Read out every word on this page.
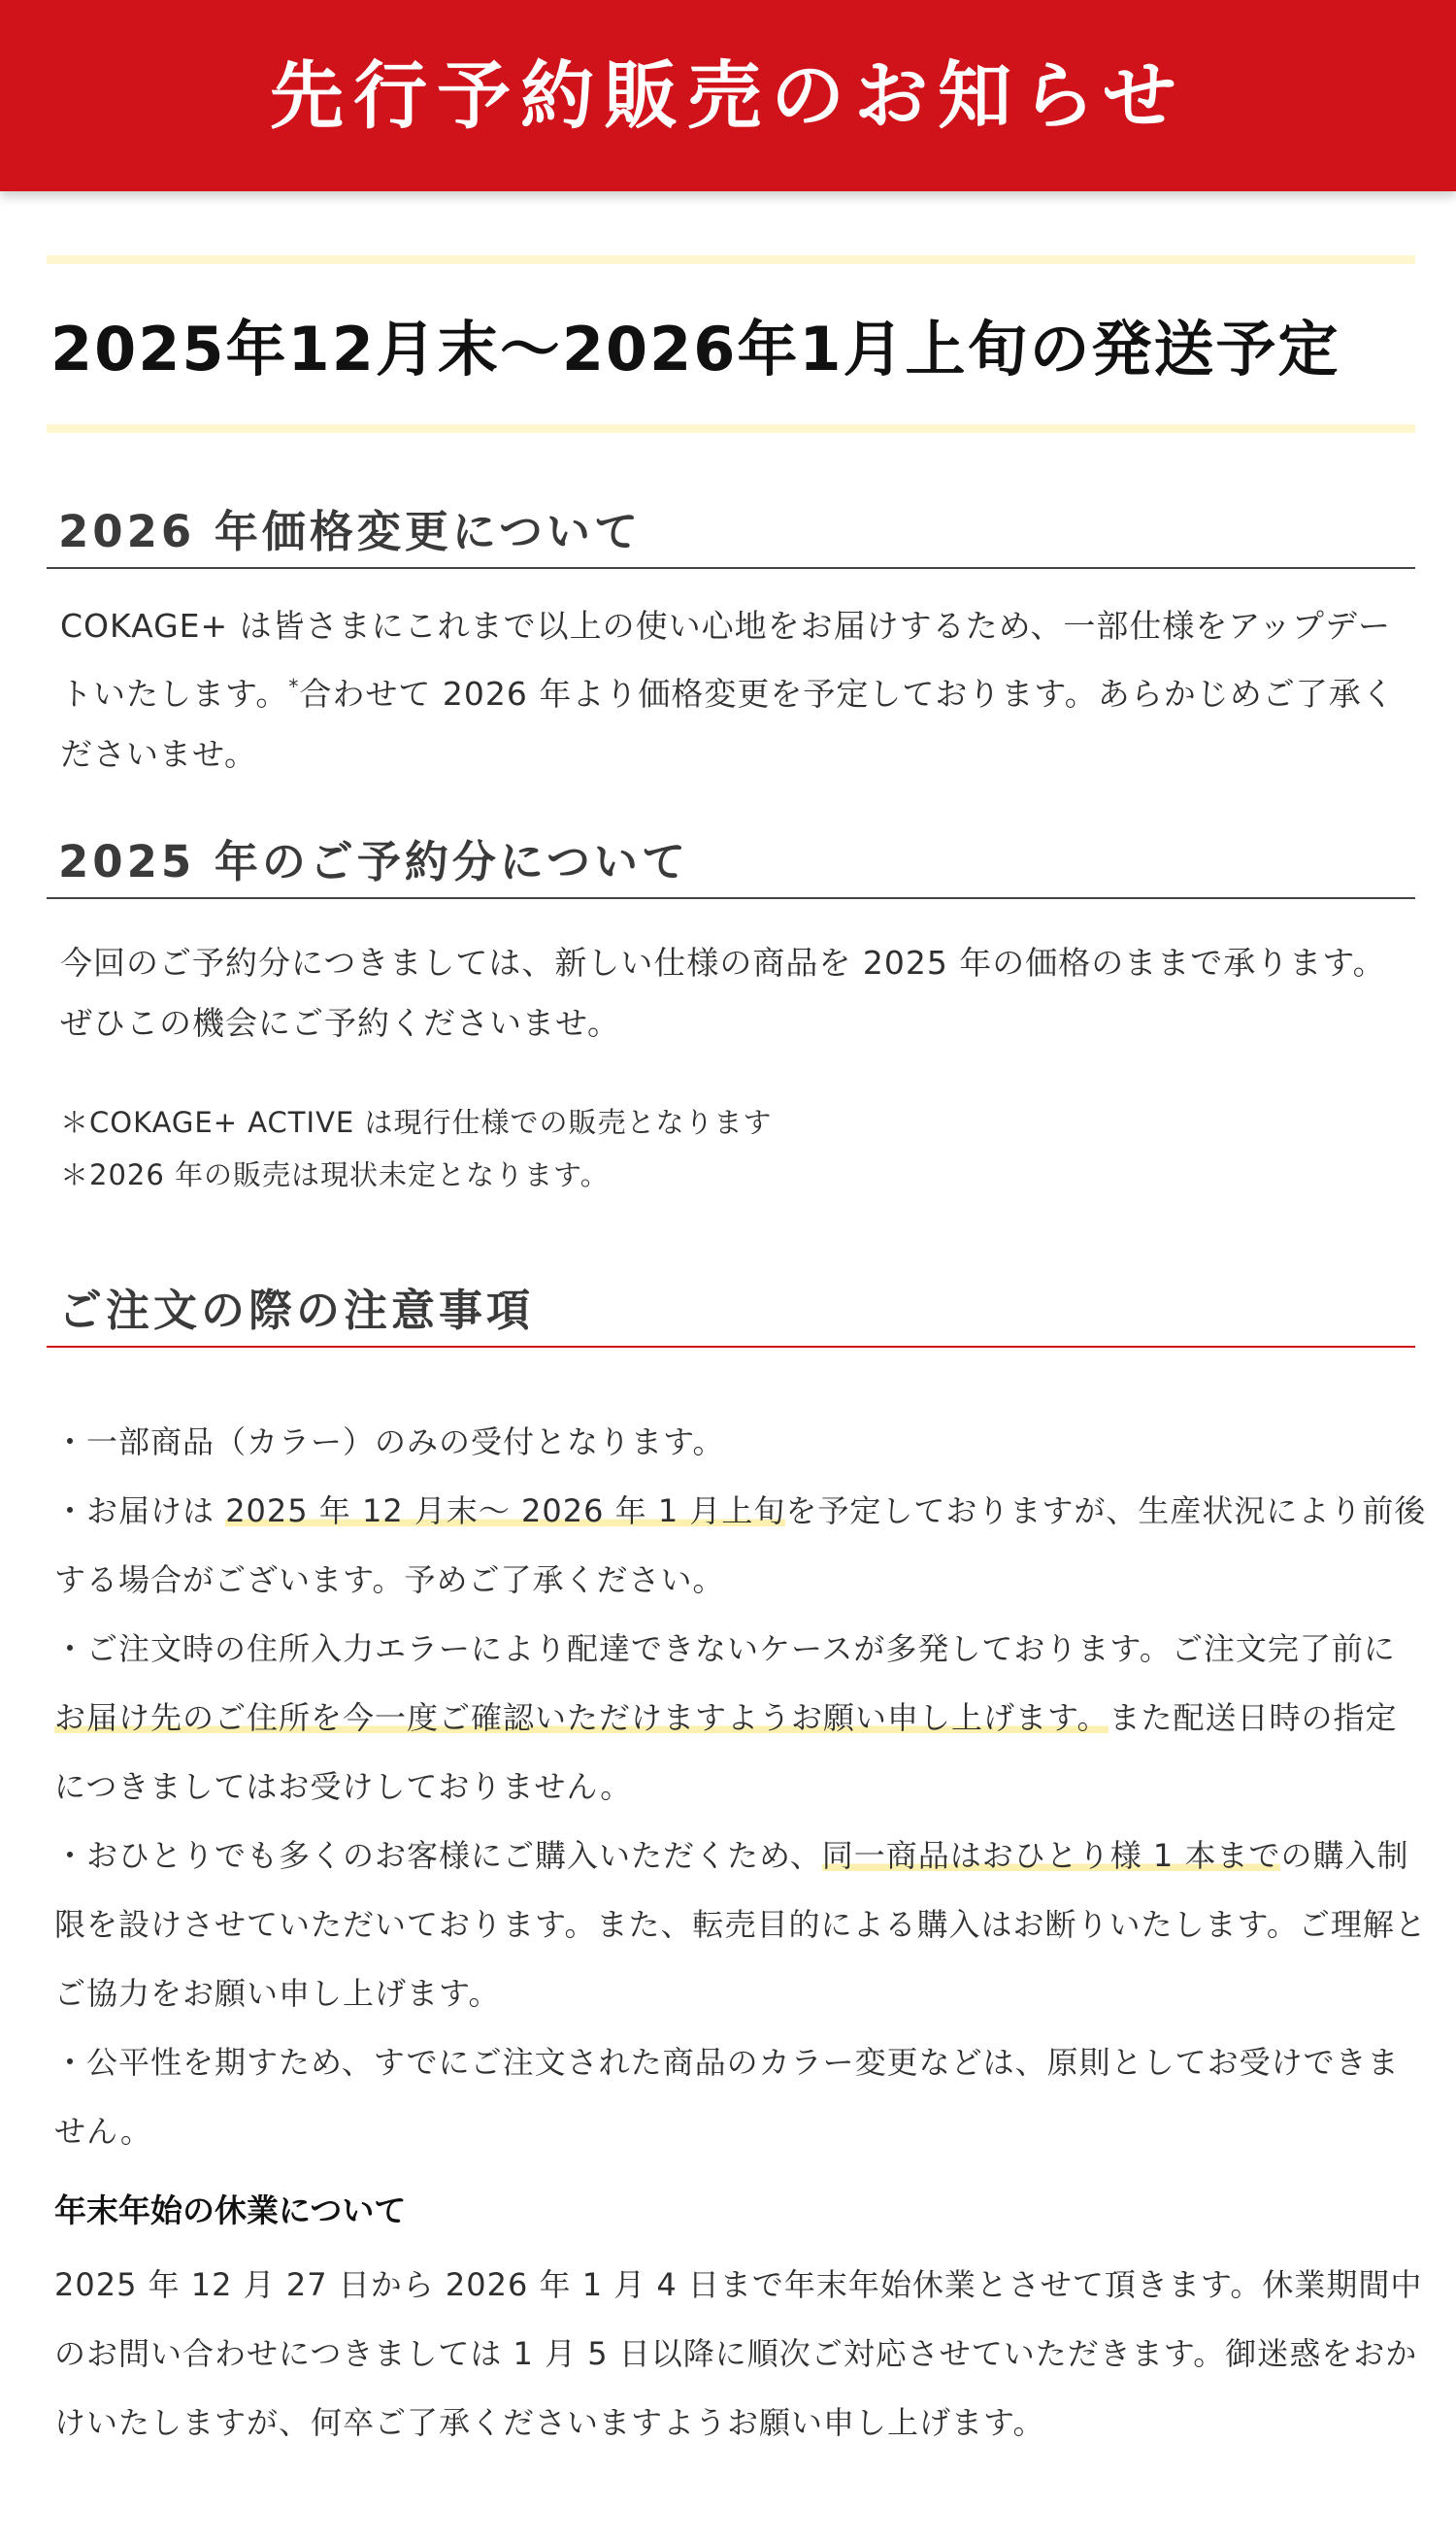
先行予約販売のお知らせ
2025年12月末～2026年1月上旬の発送予定
2026 年価格変更について

COKAGE+ は皆さまにこれまで以上の使い心地をお届けするため、一部仕様をアップデートいたします。*合わせて 2026 年より価格変更を予定しております。あらかじめご了承くださいませ。

2025 年のご予約分について

今回のご予約分につきましては、新しい仕様の商品を 2025 年の価格のままで承ります。ぜひこの機会にご予約くださいませ。

＊COKAGE+ ACTIVE は現行仕様での販売となります

＊2026 年の販売は現状未定となります。

ご注文の際の注意事項
・一部商品（カラー）のみの受付となります。
・お届けは 2025 年 12 月末～ 2026 年 1 月上旬を予定しておりますが、生産状況により前後する場合がございます。予めご了承ください。
・ご注文時の住所入力エラーにより配達できないケースが多発しております。ご注文完了前にお届け先のご住所を今一度ご確認いただけますようお願い申し上げます。また配送日時の指定につきましてはお受けしておりません。
・おひとりでも多くのお客様にご購入いただくため、同一商品はおひとり様 1 本までの購入制限を設けさせていただいております。また、転売目的による購入はお断りいたします。ご理解とご協力をお願い申し上げます。
・公平性を期すため、すでにご注文された商品のカラー変更などは、原則としてお受けできません。
年末年始の休業について

2025 年 12 月 27 日から 2026 年 1 月 4 日まで年末年始休業とさせて頂きます。休業期間中のお問い合わせにつきましては 1 月 5 日以降に順次ご対応させていただきます。御迷惑をおかけいたしますが、何卒ご了承くださいますようお願い申し上げます。
